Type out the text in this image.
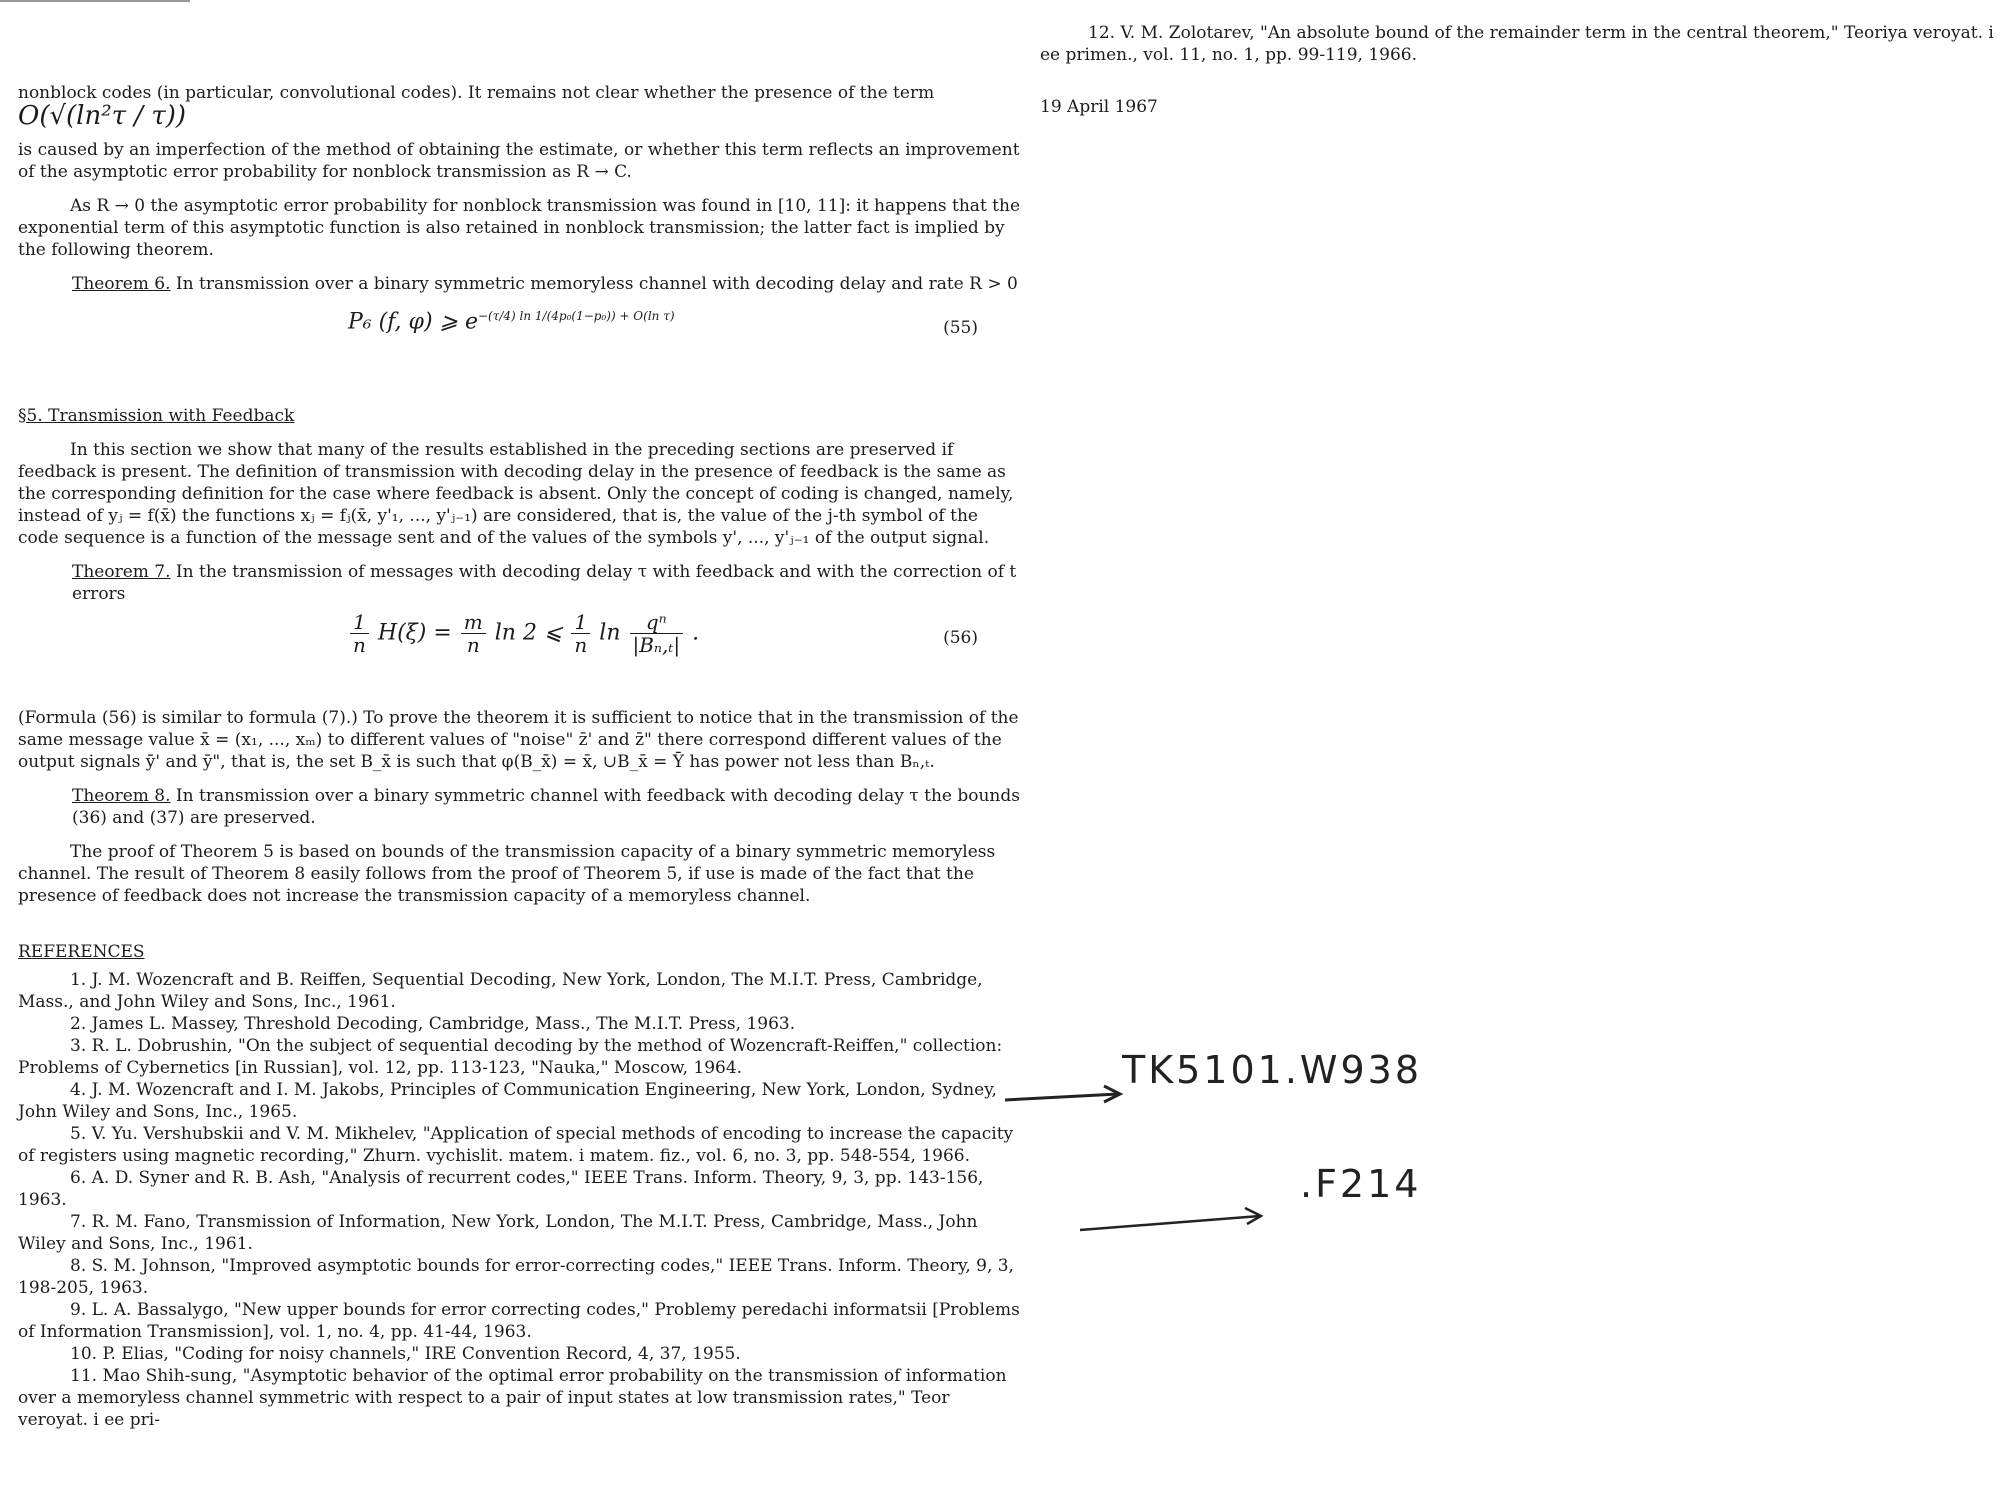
nonblock codes (in particular, convolutional codes). It remains not clear whether the presence of the term O(√(ln²τ / τ))

is caused by an imperfection of the method of obtaining the estimate, or whether this term reflects an improvement of the asymptotic error probability for nonblock transmission as R → C.

As R → 0 the asymptotic error probability for nonblock transmission was found in [10, 11]: it happens that the exponential term of this asymptotic function is also retained in nonblock transmission; the latter fact is implied by the following theorem.

Theorem 6. In transmission over a binary symmetric memoryless channel with decoding delay and rate R > 0

P₆ (f, φ) ⩾ $e^{-(\tau/4) ln 1/(4p_0(1-p_0)) + O(ln \tau)}$
(55)

§5. Transmission with Feedback

In this section we show that many of the results established in the preceding sections are preserved if feedback is present. The definition of transmission with decoding delay in the presence of feedback is the same as the corresponding definition for the case where feedback is absent. Only the concept of coding is changed, namely, instead of yⱼ = f(x̄) the functions xⱼ = fⱼ(x̄, y'₁, ..., y'ⱼ₋₁) are considered, that is, the value of the j-th symbol of the code sequence is a function of the message sent and of the values of the symbols y', ..., y'ⱼ₋₁ of the output signal.

Theorem 7. In the transmission of messages with decoding delay τ with feedback and with the correction of t errors

$\frac{1}{n} H(\xi) = \frac{m}{n}$ ln 2 ⩽ $\frac{1}{n}$ $\ln \frac{\text{qⁿ}}{\text{|Bₙ,ₜ|}}$ .	(56)

(Formula (56) is similar to formula (7).) To prove the theorem it is sufficient to notice that in the transmission of the same message value x̄ = (x₁, ..., xₘ) to different values of "noise" z̄' and z̄" there correspond different values of the output signals ȳ' and ȳ", that is, the set B_x̄ is such that φ(B_x̄) = x̄, ∪B_x̄ = Ȳ has power not less than Bₙ,ₜ.

Theorem 8. In transmission over a binary symmetric channel with feedback with decoding delay τ the bounds (36) and (37) are preserved.

The proof of Theorem 5 is based on bounds of the transmission capacity of a binary symmetric memoryless channel. The result of Theorem 8 easily follows from the proof of Theorem 5, if use is made of the fact that the presence of feedback does not increase the transmission capacity of a memoryless channel.

REFERENCES

1. J. M. Wozencraft and B. Reiffen, Sequential Decoding, New York, London, The M.I.T. Press, Cambridge, Mass., and John Wiley and Sons, Inc., 1961.

2. James L. Massey, Threshold Decoding, Cambridge, Mass., The M.I.T. Press, 1963.

3. R. L. Dobrushin, "On the subject of sequential decoding by the method of Wozencraft-Reiffen," collection: Problems of Cybernetics [in Russian], vol. 12, pp. 113-123, "Nauka," Moscow, 1964.

4. J. M. Wozencraft and I. M. Jakobs, Principles of Communication Engineering, New York, London, Sydney, John Wiley and Sons, Inc., 1965.

5. V. Yu. Vershubskii and V. M. Mikhelev, "Application of special methods of encoding to increase the capacity of registers using magnetic recording," Zhurn. vychislit. matem. i matem. fiz., vol. 6, no. 3, pp. 548-554, 1966.

6. A. D. Syner and R. B. Ash, "Analysis of recurrent codes," IEEE Trans. Inform. Theory, 9, 3, pp. 143-156, 1963.

7. R. M. Fano, Transmission of Information, New York, London, The M.I.T. Press, Cambridge, Mass., John Wiley and Sons, Inc., 1961.

8. S. M. Johnson, "Improved asymptotic bounds for error-correcting codes," IEEE Trans. Inform. Theory, 9, 3, 198-205, 1963.

9. L. A. Bassalygo, "New upper bounds for error correcting codes," Problemy peredachi informatsii [Problems of Information Transmission], vol. 1, no. 4, pp. 41-44, 1963.

10. P. Elias, "Coding for noisy channels," IRE Convention Record, 4, 37, 1955.

11. Mao Shih-sung, "Asymptotic behavior of the optimal error probability on the transmission of information over a memoryless channel symmetric with respect to a pair of input states at low transmission rates," Teor veroyat. i ee pri-

12. V. M. Zolotarev, "An absolute bound of the remainder term in the central theorem," Teoriya veroyat. i ee primen., vol. 11, no. 1, pp. 99-119, 1966.

19 April 1967

TK5101.W938
.F214
